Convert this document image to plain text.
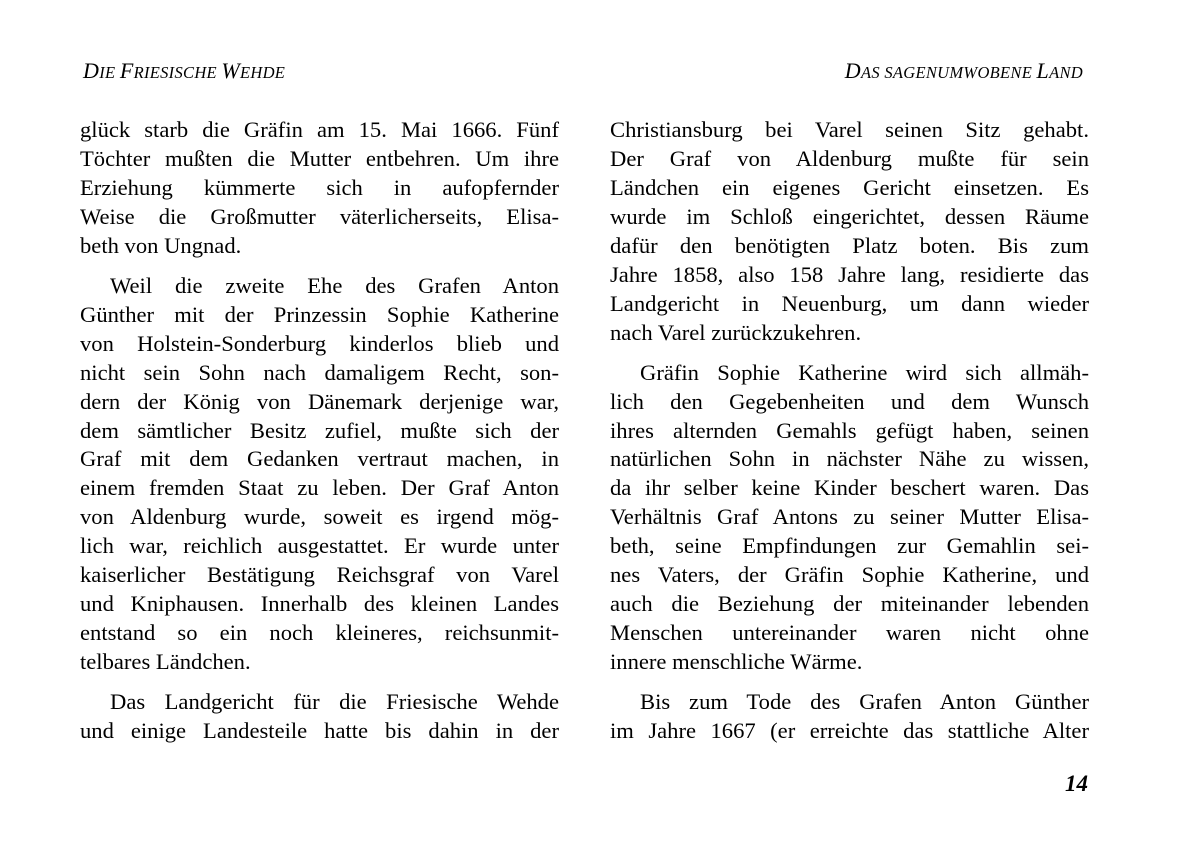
DIE FRIESISCHE WEHDE	DAS SAGENUMWOBENE LAND
glück starb die Gräfin am 15. Mai 1666. Fünf
Töchter mußten die Mutter entbehren. Um ihre
Erziehung kümmerte sich in aufopfernder
Weise die Großmutter väterlicherseits, Elisa-
beth von Ungnad.
Weil die zweite Ehe des Grafen Anton
Günther mit der Prinzessin Sophie Katherine
von Holstein-Sonderburg kinderlos blieb und
nicht sein Sohn nach damaligem Recht, son-
dern der König von Dänemark derjenige war,
dem sämtlicher Besitz zufiel, mußte sich der
Graf mit dem Gedanken vertraut machen, in
einem fremden Staat zu leben. Der Graf Anton
von Aldenburg wurde, soweit es irgend mög-
lich war, reichlich ausgestattet. Er wurde unter
kaiserlicher Bestätigung Reichsgraf von Varel
und Kniphausen. Innerhalb des kleinen Landes
entstand so ein noch kleineres, reichsunmit-
telbares Ländchen.
Das Landgericht für die Friesische Wehde
und einige Landesteile hatte bis dahin in der
Christiansburg bei Varel seinen Sitz gehabt.
Der Graf von Aldenburg mußte für sein
Ländchen ein eigenes Gericht einsetzen. Es
wurde im Schloß eingerichtet, dessen Räume
dafür den benötigten Platz boten. Bis zum
Jahre 1858, also 158 Jahre lang, residierte das
Landgericht in Neuenburg, um dann wieder
nach Varel zurückzukehren.
Gräfin Sophie Katherine wird sich allmäh-
lich den Gegebenheiten und dem Wunsch
ihres alternden Gemahls gefügt haben, seinen
natürlichen Sohn in nächster Nähe zu wissen,
da ihr selber keine Kinder beschert waren. Das
Verhältnis Graf Antons zu seiner Mutter Elisa-
beth, seine Empfindungen zur Gemahlin sei-
nes Vaters, der Gräfin Sophie Katherine, und
auch die Beziehung der miteinander lebenden
Menschen untereinander waren nicht ohne
innere menschliche Wärme.
Bis zum Tode des Grafen Anton Günther
im Jahre 1667 (er erreichte das stattliche Alter
14
